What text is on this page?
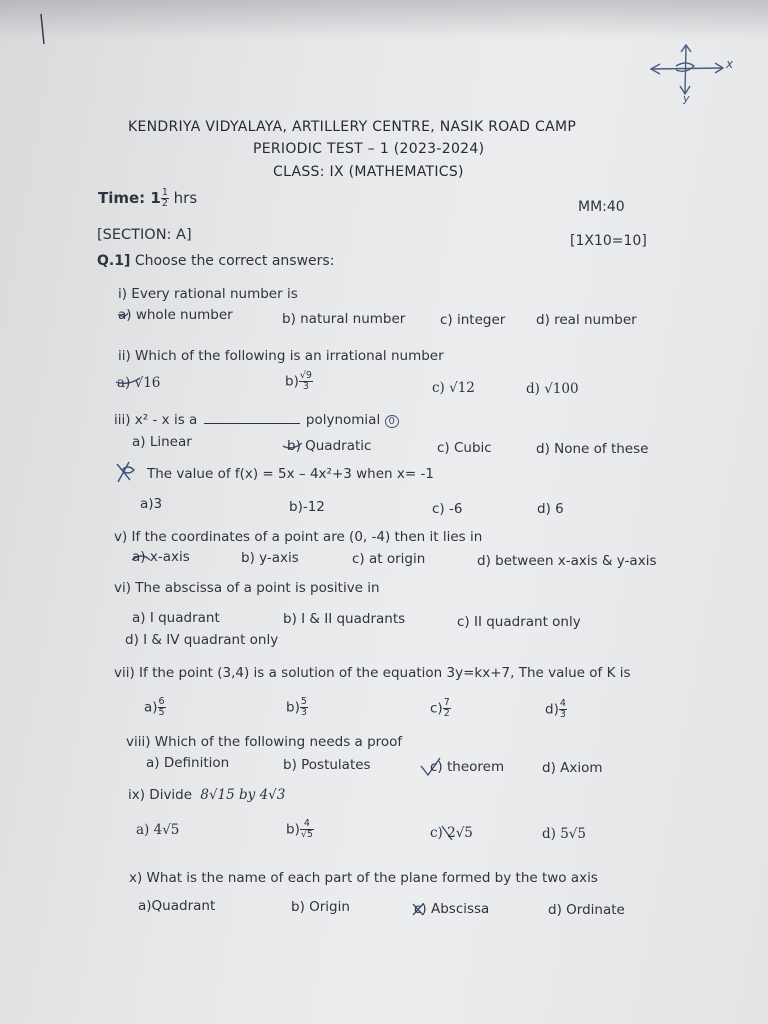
x
y
KENDRIYA VIDYALAYA, ARTILLERY CENTRE, NASIK ROAD CAMP
PERIODIC TEST – 1 (2023-2024)
CLASS: IX (MATHEMATICS)
Time: $1 \frac{1}{2}$ hrs	MM:40
[SECTION: A]	[1X10=10]
Q.1] Choose the correct answers:
i) Every rational number is
a) whole number	b) natural number	c) integer d) real number
ii) Which of the following is an irrational number
a) √16	$b) \frac{√9}{3}$	c) √12	d) √100
iii) x² - x is a	polynomial 0
a) Linear	b) Quadratic	c) Cubic	d) None of these
The value of f(x) = 5x – 4x²+3 when x= -1
a)3	b)-12	c) -6	d) 6
v) If the coordinates of a point are (0, -4) then it lies in
a) x-axis	b) y-axis	c) at origin	d) between x-axis & y-axis
vi) The abscissa of a point is positive in
a) I quadrant	b) I & II quadrants	c) II quadrant only
d) I & IV quadrant only
vii) If the point (3,4) is a solution of the equation 3y=kx+7, The value of K is
$a) \frac{6}{5}$	$b) \frac{5}{3}$	$c) \frac{7}{2}$	$d) \frac{4}{3}$
viii) Which of the following needs a proof
a) Definition	b) Postulates	c) theorem	d) Axiom
ix) Divide 8√15 by 4√3
a) 4√5	$b) \frac{4}{√5}$	c) 2√5	d) 5√5
x) What is the name of each part of the plane formed by the two axis
a)Quadrant	b) Origin	c) Abscissa	d) Ordinate
